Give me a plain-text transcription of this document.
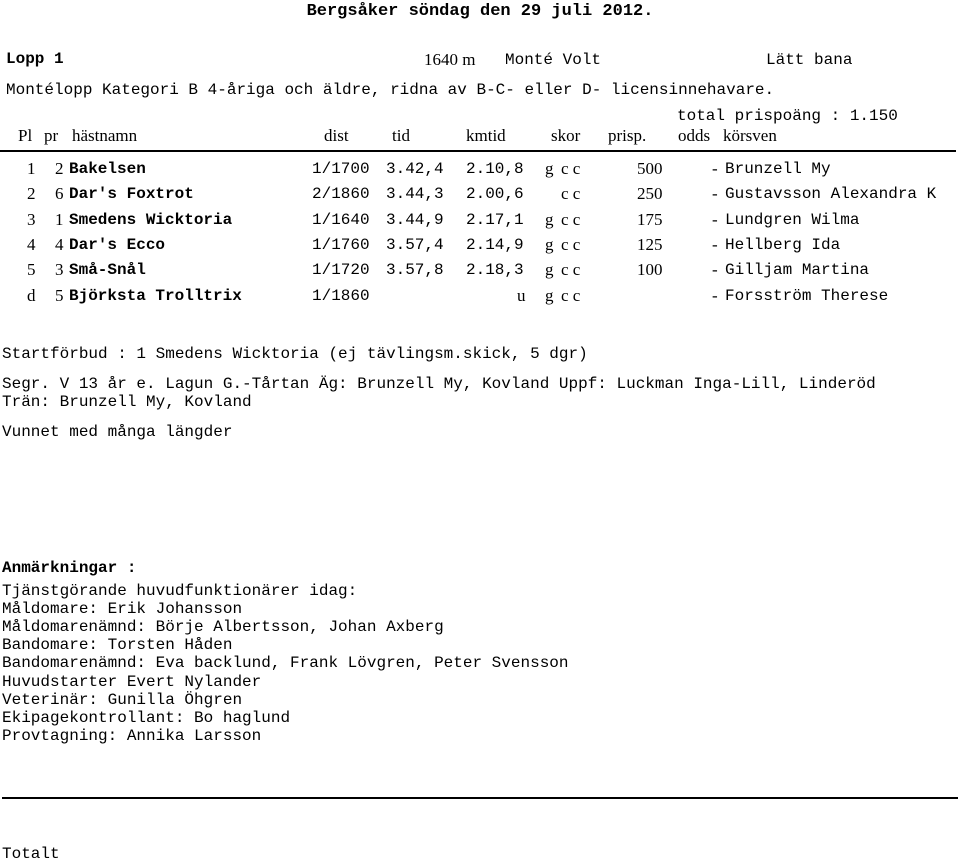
Bergsåker söndag den 29 juli 2012.
Lopp 1	1640 m Monté Volt	Lätt bana
Montélopp Kategori B 4-åriga och äldre, ridna av B-C- eller D- licensinnehavare.
total prispoäng : 1.150
Pl pr hästnamn	dist	tid	kmtid	skor prisp. odds körsven
1 2 Bakelsen	1/1700 3.42,4 2.10,8 g c c	500	- Brunzell My
2 6 Dar's Foxtrot	2/1860 3.44,3 2.00,6 c c	250	- Gustavsson Alexandra K
3 1 Smedens Wicktoria	1/1640 3.44,9 2.17,1 g c c	175	- Lundgren Wilma
4 4 Dar's Ecco	1/1760 3.57,4 2.14,9 g c c	125	- Hellberg Ida
5 3 Små-Snål	1/1720 3.57,8 2.18,3 g c c	100	- Gilljam Martina
d 5 Björksta Trolltrix	1/1860	u g c c	- Forsström Therese
Startförbud : 1 Smedens Wicktoria (ej tävlingsm.skick, 5 dgr)
Segr. V 13 år e. Lagun G.-Tårtan Äg: Brunzell My, Kovland Uppf: Luckman Inga-Lill, Linderöd
Trän: Brunzell My, Kovland
Vunnet med många längder
Anmärkningar :
Tjänstgörande huvudfunktionärer idag:
Måldomare: Erik Johansson
Måldomarenämnd: Börje Albertsson, Johan Axberg
Bandomare: Torsten Håden
Bandomarenämnd: Eva backlund, Frank Lövgren, Peter Svensson
Huvudstarter Evert Nylander
Veterinär: Gunilla Öhgren
Ekipagekontrollant: Bo haglund
Provtagning: Annika Larsson
Totalt
